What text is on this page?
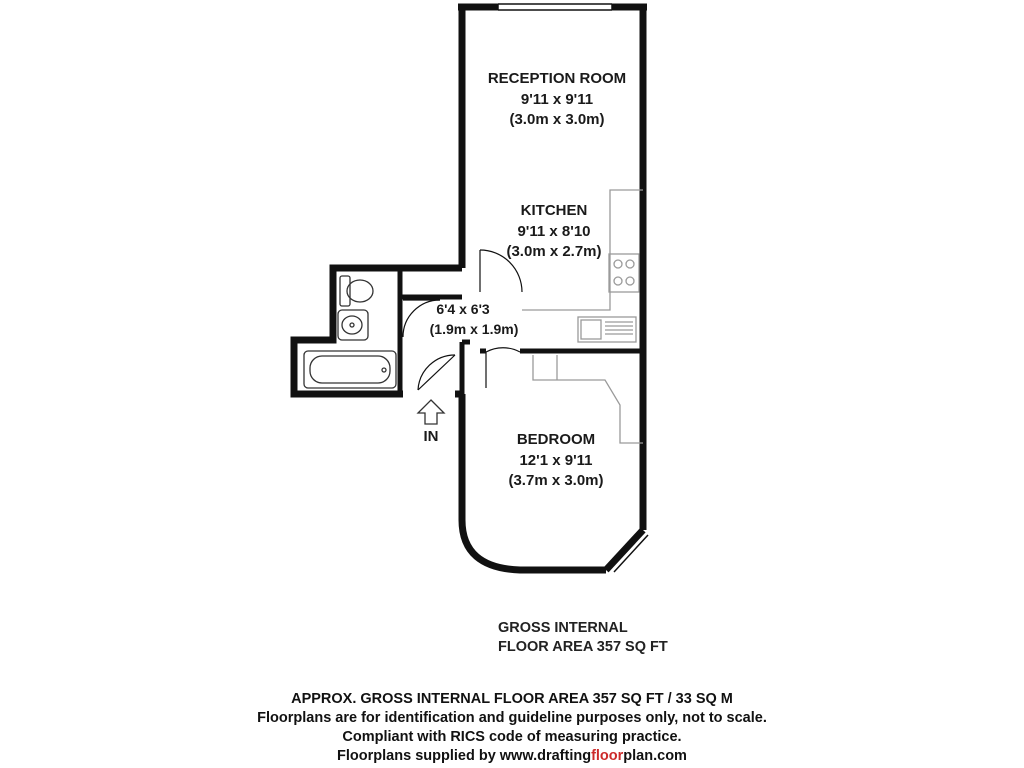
IN
RECEPTION ROOM
9'11 x 9'11
(3.0m x 3.0m)
KITCHEN
9'11 x 8'10
(3.0m x 2.7m)
6'4 x 6'3
(1.9m x 1.9m)
BEDROOM
12'1 x 9'11
(3.7m x 3.0m)
GROSS INTERNAL
FLOOR AREA 357 SQ FT
APPROX. GROSS INTERNAL FLOOR AREA 357 SQ FT / 33 SQ M
Floorplans are for identification and guideline purposes only, not to scale.
Compliant with RICS code of measuring practice.
Floorplans supplied by www.draftingfloorplan.com
